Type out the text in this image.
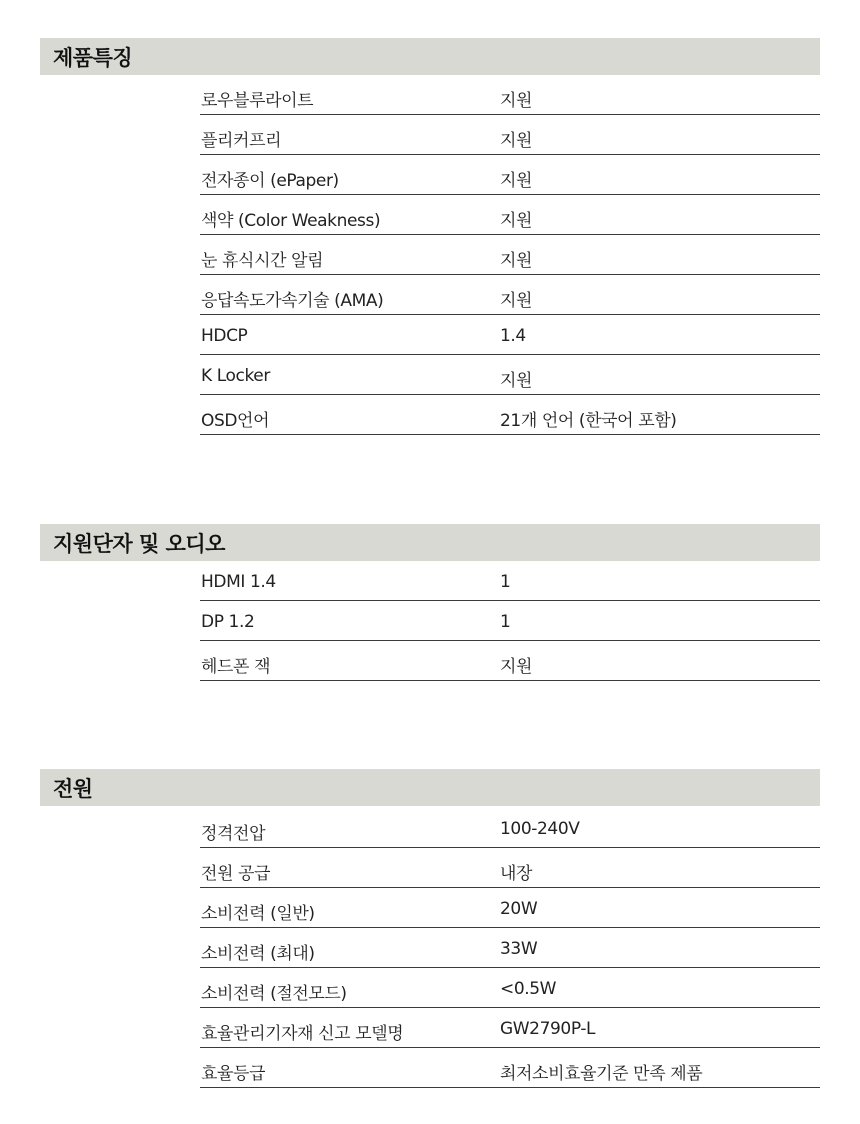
제품특징
로우블루라이트	지원
플리커프리	지원
전자종이 (ePaper)	지원
색약 (Color Weakness)	지원
눈 휴식시간 알림	지원
응답속도가속기술 (AMA)	지원
HDCP	1.4
K Locker	지원
OSD언어	21개 언어 (한국어 포함)
지원단자 및 오디오
HDMI 1.4	1
DP 1.2	1
헤드폰 잭	지원
전원
정격전압	100-240V
전원 공급	내장
소비전력 (일반)	20W
소비전력 (최대)	33W
소비전력 (절전모드)	<0.5W
효율관리기자재 신고 모델명	GW2790P-L
효율등급	최저소비효율기준 만족 제품
